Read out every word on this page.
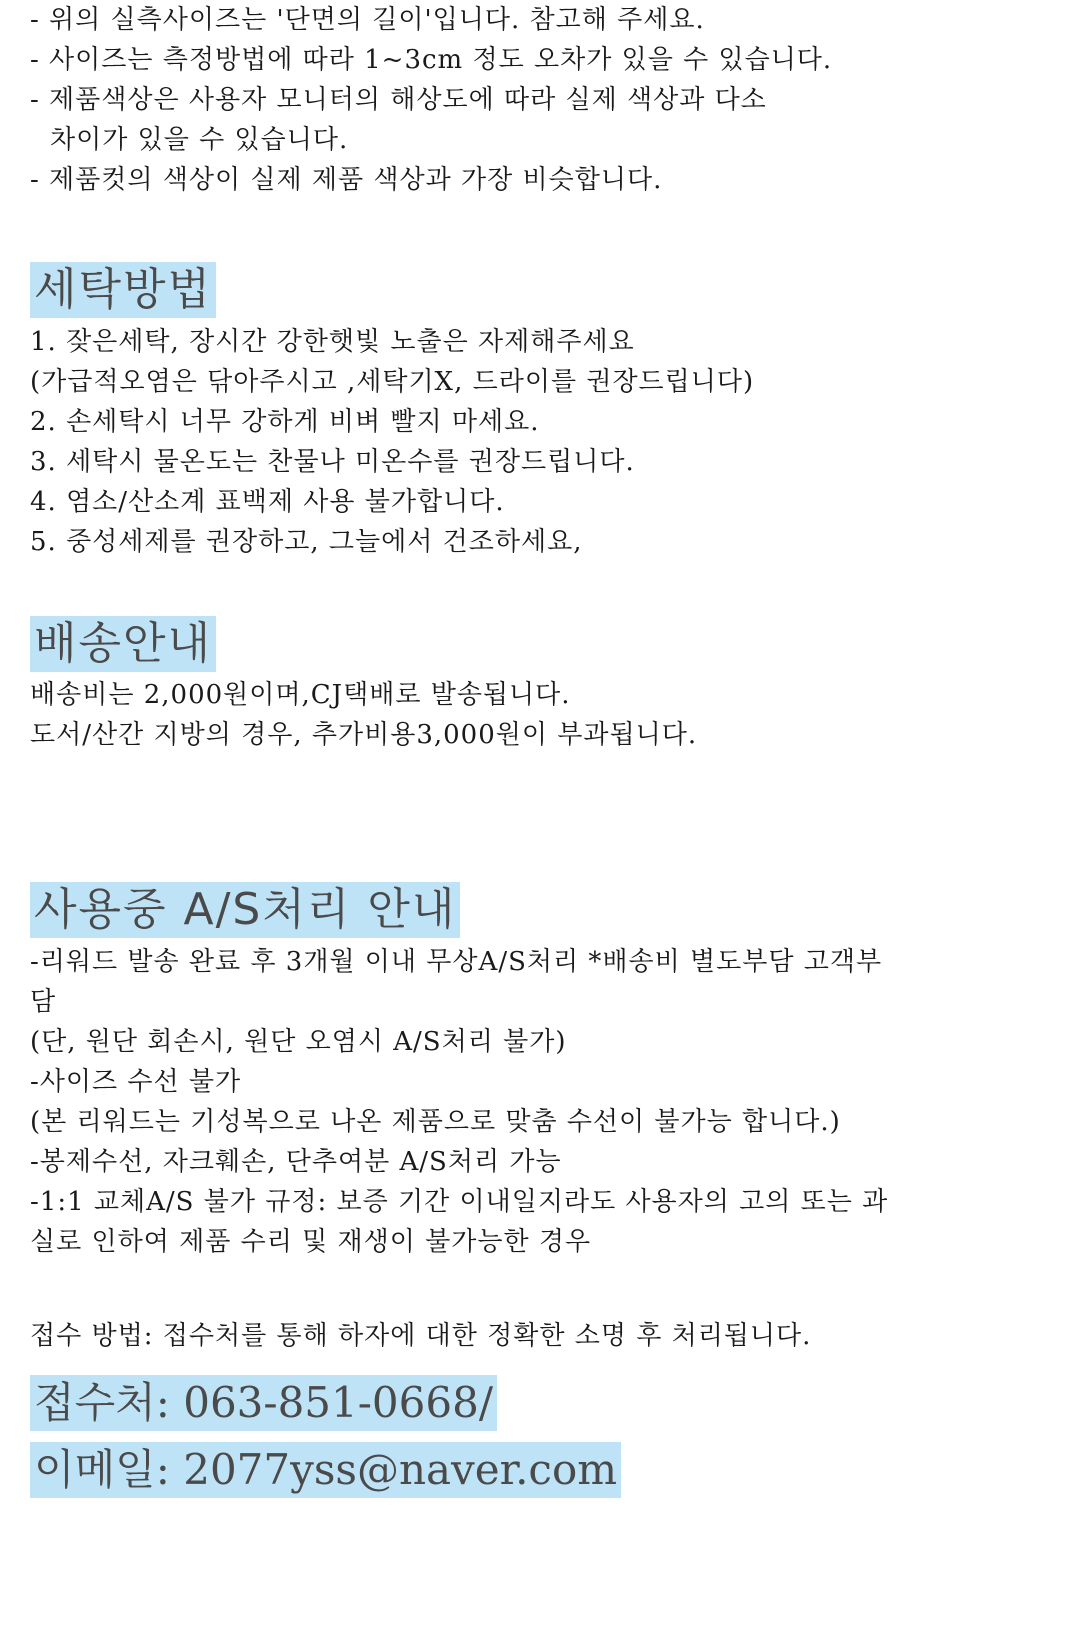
- 위의 실측사이즈는 '단면의 길이'입니다. 참고해 주세요.
- 사이즈는 측정방법에 따라 1~3cm 정도 오차가 있을 수 있습니다.
- 제품색상은 사용자 모니터의 해상도에 따라 실제 색상과 다소
차이가 있을 수 있습니다.
- 제품컷의 색상이 실제 제품 색상과 가장 비슷합니다.
세탁방법
1. 잦은세탁, 장시간 강한햇빛 노출은 자제해주세요
(가급적오염은 닦아주시고 ,세탁기X, 드라이를 권장드립니다)
2. 손세탁시 너무 강하게 비벼 빨지 마세요.
3. 세탁시 물온도는 찬물나 미온수를 권장드립니다.
4. 염소/산소계 표백제 사용 불가합니다.
5. 중성세제를 권장하고, 그늘에서 건조하세요,
배송안내
배송비는 2,000원이며,CJ택배로 발송됩니다.
도서/산간 지방의 경우, 추가비용3,000원이 부과됩니다.
사용중 A/S처리 안내
-리워드 발송 완료 후 3개월 이내 무상A/S처리 *배송비 별도부담 고객부
담
(단, 원단 회손시, 원단 오염시 A/S처리 불가)
-사이즈 수선 불가
(본 리워드는 기성복으로 나온 제품으로 맞춤 수선이 불가능 합니다.)
-봉제수선, 자크훼손, 단추여분 A/S처리 가능
-1:1 교체A/S 불가 규정: 보증 기간 이내일지라도 사용자의 고의 또는 과
실로 인하여 제품 수리 및 재생이 불가능한 경우
접수 방법: 접수처를 통해 하자에 대한 정확한 소명 후 처리됩니다.
접수처: 063-851-0668/
이메일: 2077yss@naver.com
